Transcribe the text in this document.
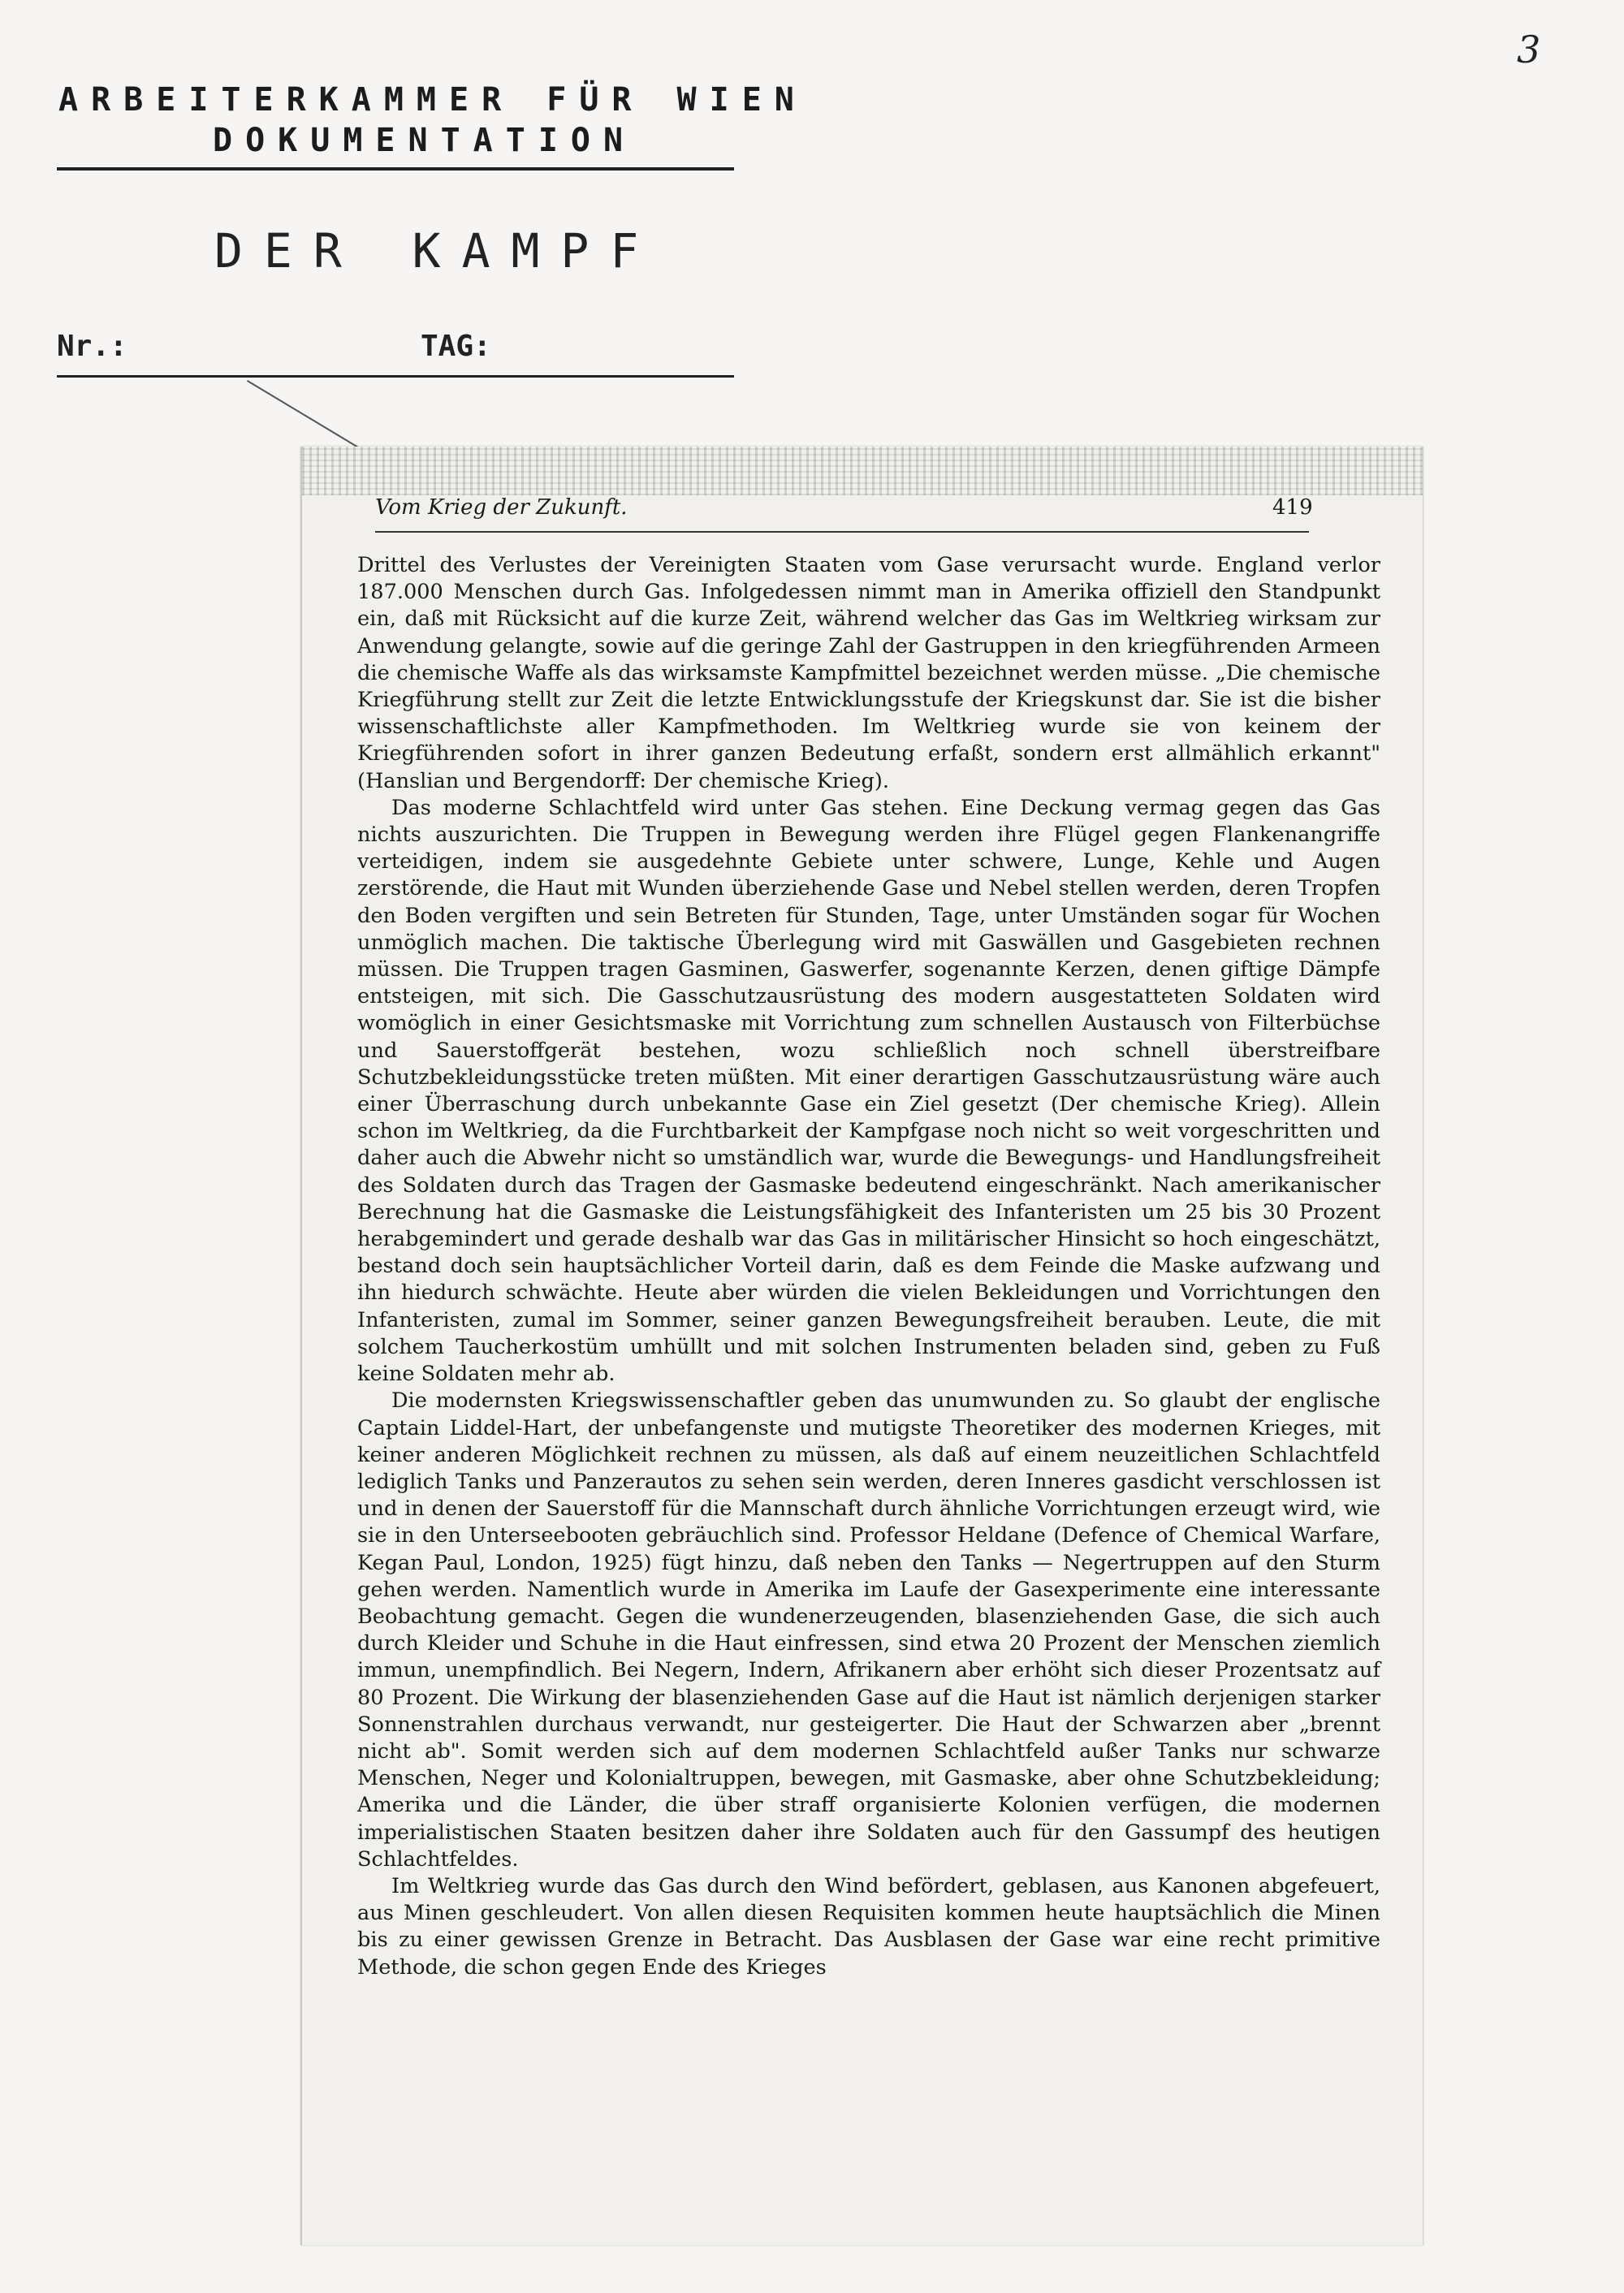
3

ARBEITERKAMMER FÜR WIEN

DOKUMENTATION

DER KAMPF
Nr.:	TAG:
Vom Krieg der Zukunft.	419

Drittel des Verlustes der Vereinigten Staaten vom Gase verursacht wurde. England verlor 187.000 Menschen durch Gas. Infolgedessen nimmt man in Amerika offiziell den Standpunkt ein, daß mit Rücksicht auf die kurze Zeit, während welcher das Gas im Weltkrieg wirksam zur Anwendung gelangte, sowie auf die geringe Zahl der Gastruppen in den kriegführenden Armeen die chemische Waffe als das wirksamste Kampfmittel bezeichnet werden müsse. „Die chemische Kriegführung stellt zur Zeit die letzte Entwicklungsstufe der Kriegskunst dar. Sie ist die bisher wissenschaftlichste aller Kampfmethoden. Im Weltkrieg wurde sie von keinem der Kriegführenden sofort in ihrer ganzen Bedeutung erfaßt, sondern erst allmählich erkannt" (Hanslian und Bergendorff: Der chemische Krieg).

Das moderne Schlachtfeld wird unter Gas stehen. Eine Deckung vermag gegen das Gas nichts auszurichten. Die Truppen in Bewegung werden ihre Flügel gegen Flankenangriffe verteidigen, indem sie ausgedehnte Gebiete unter schwere, Lunge, Kehle und Augen zerstörende, die Haut mit Wunden überziehende Gase und Nebel stellen werden, deren Tropfen den Boden vergiften und sein Betreten für Stunden, Tage, unter Umständen sogar für Wochen unmöglich machen. Die taktische Überlegung wird mit Gaswällen und Gasgebieten rechnen müssen. Die Truppen tragen Gasminen, Gaswerfer, sogenannte Kerzen, denen giftige Dämpfe entsteigen, mit sich. Die Gasschutzausrüstung des modern ausgestatteten Soldaten wird womöglich in einer Gesichtsmaske mit Vorrichtung zum schnellen Austausch von Filterbüchse und Sauerstoffgerät bestehen, wozu schließlich noch schnell überstreifbare Schutzbekleidungsstücke treten müßten. Mit einer derartigen Gasschutzausrüstung wäre auch einer Überraschung durch unbekannte Gase ein Ziel gesetzt (Der chemische Krieg). Allein schon im Weltkrieg, da die Furchtbarkeit der Kampfgase noch nicht so weit vorgeschritten und daher auch die Abwehr nicht so umständlich war, wurde die Bewegungs- und Handlungsfreiheit des Soldaten durch das Tragen der Gasmaske bedeutend eingeschränkt. Nach amerikanischer Berechnung hat die Gasmaske die Leistungsfähigkeit des Infanteristen um 25 bis 30 Prozent herabgemindert und gerade deshalb war das Gas in militärischer Hinsicht so hoch eingeschätzt, bestand doch sein hauptsächlicher Vorteil darin, daß es dem Feinde die Maske aufzwang und ihn hiedurch schwächte. Heute aber würden die vielen Bekleidungen und Vorrichtungen den Infanteristen, zumal im Sommer, seiner ganzen Bewegungsfreiheit berauben. Leute, die mit solchem Taucherkostüm umhüllt und mit solchen Instrumenten beladen sind, geben zu Fuß keine Soldaten mehr ab.

Die modernsten Kriegswissenschaftler geben das unumwunden zu. So glaubt der englische Captain Liddel-Hart, der unbefangenste und mutigste Theoretiker des modernen Krieges, mit keiner anderen Möglichkeit rechnen zu müssen, als daß auf einem neuzeitlichen Schlachtfeld lediglich Tanks und Panzerautos zu sehen sein werden, deren Inneres gasdicht verschlossen ist und in denen der Sauerstoff für die Mannschaft durch ähnliche Vorrichtungen erzeugt wird, wie sie in den Unterseebooten gebräuchlich sind. Professor Heldane (Defence of Chemical Warfare, Kegan Paul, London, 1925) fügt hinzu, daß neben den Tanks — Negertruppen auf den Sturm gehen werden. Namentlich wurde in Amerika im Laufe der Gasexperimente eine interessante Beobachtung gemacht. Gegen die wundenerzeugenden, blasenziehenden Gase, die sich auch durch Kleider und Schuhe in die Haut einfressen, sind etwa 20 Prozent der Menschen ziemlich immun, unempfindlich. Bei Negern, Indern, Afrikanern aber erhöht sich dieser Prozentsatz auf 80 Prozent. Die Wirkung der blasenziehenden Gase auf die Haut ist nämlich derjenigen starker Sonnenstrahlen durchaus verwandt, nur gesteigerter. Die Haut der Schwarzen aber „brennt nicht ab". Somit werden sich auf dem modernen Schlachtfeld außer Tanks nur schwarze Menschen, Neger und Kolonialtruppen, bewegen, mit Gasmaske, aber ohne Schutzbekleidung; Amerika und die Länder, die über straff organisierte Kolonien verfügen, die modernen imperialistischen Staaten besitzen daher ihre Soldaten auch für den Gassumpf des heutigen Schlachtfeldes.

Im Weltkrieg wurde das Gas durch den Wind befördert, geblasen, aus Kanonen abgefeuert, aus Minen geschleudert. Von allen diesen Requisiten kommen heute hauptsächlich die Minen bis zu einer gewissen Grenze in Betracht. Das Ausblasen der Gase war eine recht primitive Methode, die schon gegen Ende des Krieges
